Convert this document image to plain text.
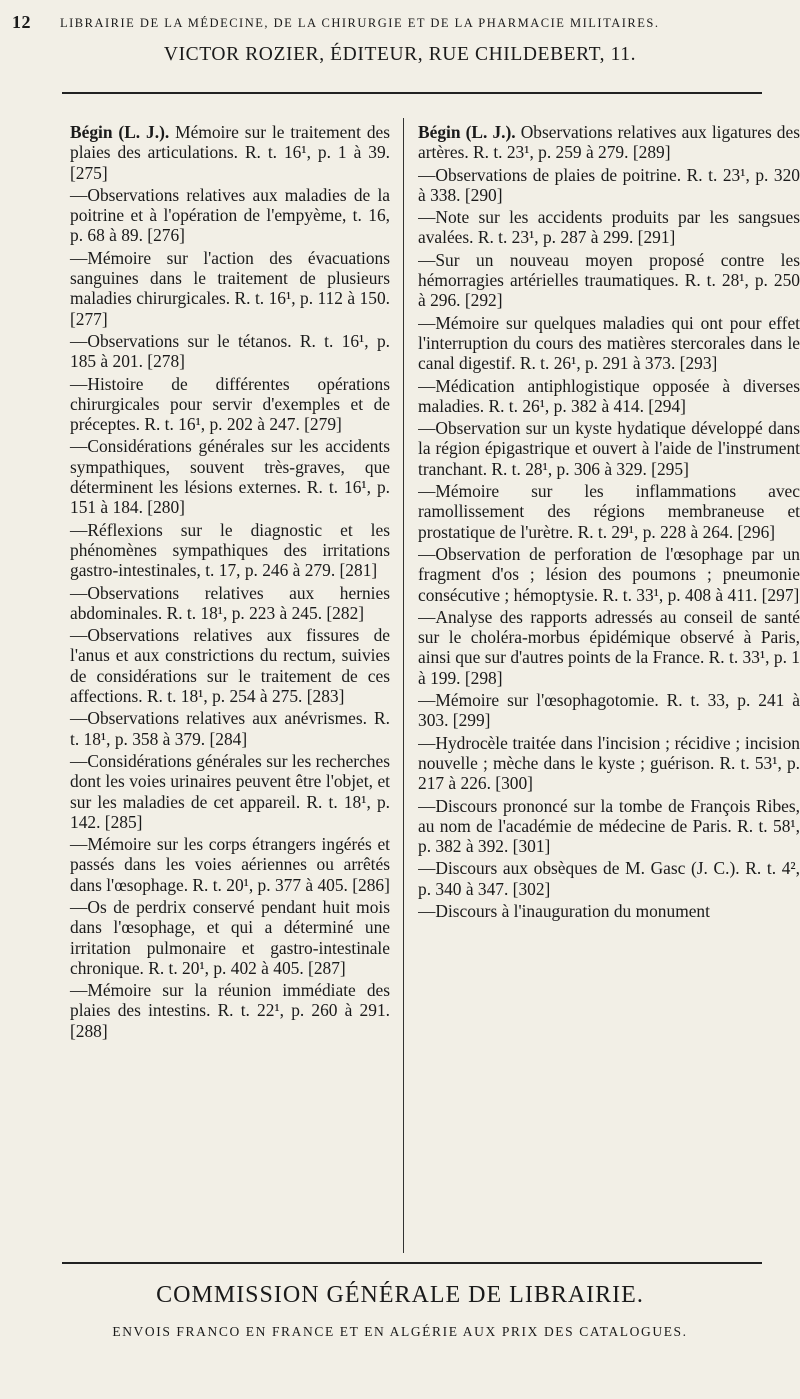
12 LIBRAIRIE DE LA MÉDECINE, DE LA CHIRURGIE ET DE LA PHARMACIE MILITAIRES.
VICTOR ROZIER, ÉDITEUR, RUE CHILDEBERT, 11.
Bégin (L. J.). Mémoire sur le traitement des plaies des articulations. R. t. 16¹, p. 1 à 39. [275]
—Observations relatives aux maladies de la poitrine et à l'opération de l'empyème, t. 16, p. 68 à 89. [276]
—Mémoire sur l'action des évacuations sanguines dans le traitement de plusieurs maladies chirurgicales. R. t. 16¹, p. 112 à 150. [277]
—Observations sur le tétanos. R. t. 16¹, p. 185 à 201. [278]
—Histoire de différentes opérations chirurgicales pour servir d'exemples et de préceptes. R. t. 16¹, p. 202 à 247. [279]
—Considérations générales sur les accidents sympathiques, souvent très-graves, que déterminent les lésions externes. R. t. 16¹, p. 151 à 184. [280]
—Réflexions sur le diagnostic et les phénomènes sympathiques des irritations gastro-intestinales, t. 17, p. 246 à 279. [281]
—Observations relatives aux hernies abdominales. R. t. 18¹, p. 223 à 245. [282]
—Observations relatives aux fissures de l'anus et aux constrictions du rectum, suivies de considérations sur le traitement de ces affections. R. t. 18¹, p. 254 à 275. [283]
—Observations relatives aux anévrismes. R. t. 18¹, p. 358 à 379. [284]
—Considérations générales sur les recherches dont les voies urinaires peuvent être l'objet, et sur les maladies de cet appareil. R. t. 18¹, p. 142. [285]
—Mémoire sur les corps étrangers ingérés et passés dans les voies aériennes ou arrêtés dans l'œsophage. R. t. 20¹, p. 377 à 405. [286]
—Os de perdrix conservé pendant huit mois dans l'œsophage, et qui a déterminé une irritation pulmonaire et gastro-intestinale chronique. R. t. 20¹, p. 402 à 405. [287]
—Mémoire sur la réunion immédiate des plaies des intestins. R. t. 22¹, p. 260 à 291. [288]
Bégin (L. J.). Observations relatives aux ligatures des artères. R. t. 23¹, p. 259 à 279. [289]
—Observations de plaies de poitrine. R. t. 23¹, p. 320 à 338. [290]
—Note sur les accidents produits par les sangsues avalées. R. t. 23¹, p. 287 à 299. [291]
—Sur un nouveau moyen proposé contre les hémorragies artérielles traumatiques. R. t. 28¹, p. 250 à 296. [292]
—Mémoire sur quelques maladies qui ont pour effet l'interruption du cours des matières stercorales dans le canal digestif. R. t. 26¹, p. 291 à 373. [293]
—Médication antiphlogistique opposée à diverses maladies. R. t. 26¹, p. 382 à 414. [294]
—Observation sur un kyste hydatique développé dans la région épigastrique et ouvert à l'aide de l'instrument tranchant. R. t. 28¹, p. 306 à 329. [295]
—Mémoire sur les inflammations avec ramollissement des régions membraneuse et prostatique de l'urètre. R. t. 29¹, p. 228 à 264. [296]
—Observation de perforation de l'œsophage par un fragment d'os ; lésion des poumons ; pneumonie consécutive ; hémoptysie. R. t. 33¹, p. 408 à 411. [297]
—Analyse des rapports adressés au conseil de santé sur le choléra-morbus épidémique observé à Paris, ainsi que sur d'autres points de la France. R. t. 33¹, p. 1 à 199. [298]
—Mémoire sur l'œsophagotomie. R. t. 33, p. 241 à 303. [299]
—Hydrocèle traitée dans l'incision ; récidive ; incision nouvelle ; mèche dans le kyste ; guérison. R. t. 53¹, p. 217 à 226. [300]
—Discours prononcé sur la tombe de François Ribes, au nom de l'académie de médecine de Paris. R. t. 58¹, p. 382 à 392. [301]
—Discours aux obsèques de M. Gasc (J. C.). R. t. 4², p. 340 à 347. [302]
—Discours à l'inauguration du monument
COMMISSION GÉNÉRALE DE LIBRAIRIE.
ENVOIS FRANCO EN FRANCE ET EN ALGÉRIE AUX PRIX DES CATALOGUES.
